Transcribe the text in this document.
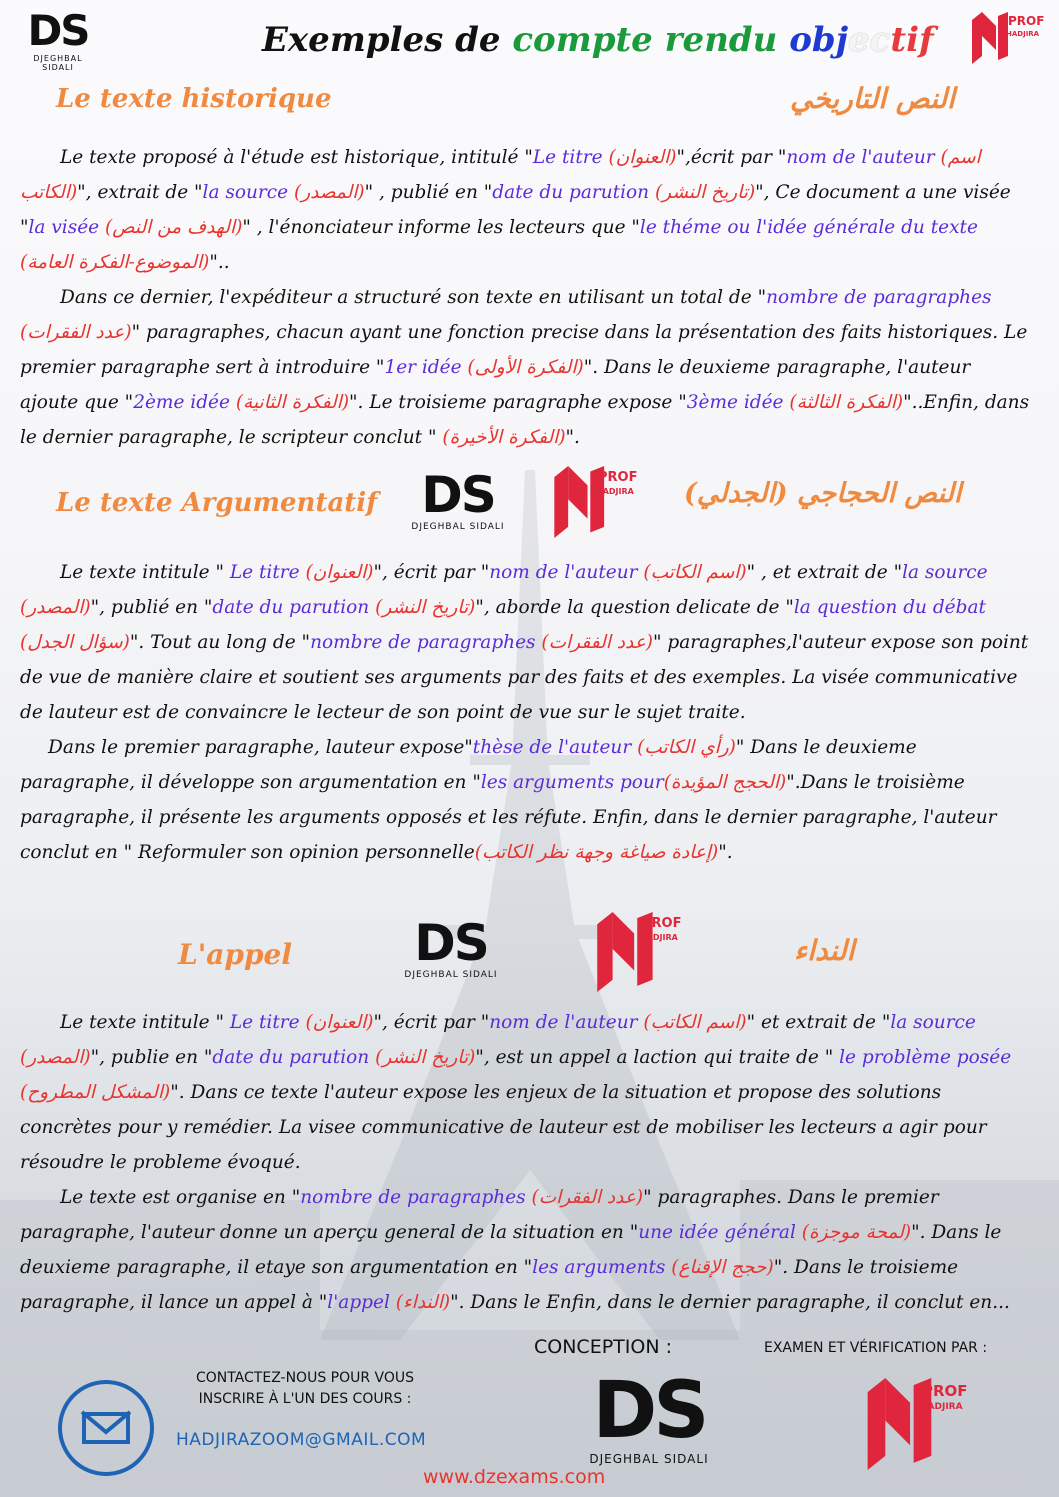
DS
DJEGHBAL SIDALI
PROF
HADJIRA
Exemples de compte rendu objectif
Le texte historique	النص التاريخي

Le texte proposé à l'étude est historique, intitulé "Le titre (العنوان)",écrit par "nom de l'auteur (اسم الكاتب)", extrait de "la source (المصدر)" , publié en "date du parution (تاريخ النشر)", Ce document a une visée "la visée (الهدف من النص)" , l'énonciateur informe les lecteurs que "le théme ou l'idée générale du texte (الموضوع-الفكرة العامة)"..

Dans ce dernier, l'expéditeur a structuré son texte en utilisant un total de "nombre de paragraphes (عدد الفقرات)" paragraphes, chacun ayant une fonction precise dans la présentation des faits historiques. Le premier paragraphe sert à introduire "1er idée (الفكرة الأولى)". Dans le deuxieme paragraphe, l'auteur ajoute que "2ème idée (الفكرة الثانية)". Le troisieme paragraphe expose "3ème idée (الفكرة الثالثة)"..Enfin, dans le dernier paragraphe, le scripteur conclut " (الفكرة الأخيرة)".

Le texte Argumentatif DS
DJEGHBAL SIDALI
PROF
HADJIRA النص الحجاجي (الجدلي)

Le texte intitule " Le titre (العنوان)", écrit par "nom de l'auteur (اسم الكاتب)" , et extrait de "la source (المصدر)", publié en "date du parution (تاريخ النشر)", aborde la question delicate de "la question du débat (سؤال الجدل)". Tout au long de "nombre de paragraphes (عدد الفقرات)" paragraphes,l'auteur expose son point de vue de manière claire et soutient ses arguments par des faits et des exemples. La visée communicative de lauteur est de convaincre le lecteur de son point de vue sur le sujet traite.

Dans le premier paragraphe, lauteur expose"thèse de l'auteur (رأي الكاتب)" Dans le deuxieme paragraphe, il développe son argumentation en "les arguments pour(الحجج المؤيدة)".Dans le troisième paragraphe, il présente les arguments opposés et les réfute. Enfin, dans le dernier paragraphe, l'auteur conclut en " Reformuler son opinion personnelle(إعادة صياغة وجهة نظر الكاتب)".

L'appel	DS
DJEGHBAL SIDALI
PROF
HADJIRA	النداء

Le texte intitule " Le titre (العنوان)", écrit par "nom de l'auteur (اسم الكاتب)" et extrait de "la source (المصدر)", publie en "date du parution (تاريخ النشر)", est un appel a laction qui traite de " le problème posée (المشكل المطروح)". Dans ce texte l'auteur expose les enjeux de la situation et propose des solutions concrètes pour y remédier. La visee communicative de lauteur est de mobiliser les lecteurs a agir pour résoudre le probleme évoqué.

Le texte est organise en "nombre de paragraphes (عدد الفقرات)" paragraphes. Dans le premier paragraphe, l'auteur donne un aperçu general de la situation en "une idée général (لمحة موجزة)". Dans le deuxieme paragraphe, il etaye son argumentation en "les arguments (حجج الإقناع)". Dans le troisieme paragraphe, il lance un appel à "l'appel (النداء)". Dans le Enfin, dans le dernier paragraphe, il conclut en...

CONTACTEZ-NOUS POUR VOUS
INSCRIRE À L'UN DES COURS :
HADJIRAZOOM@GMAIL.COM
CONCEPTION :	EXAMEN ET VÉRIFICATION PAR :
DS
DJEGHBAL SIDALI
PROF
HADJIRA
www.dzexams.com
